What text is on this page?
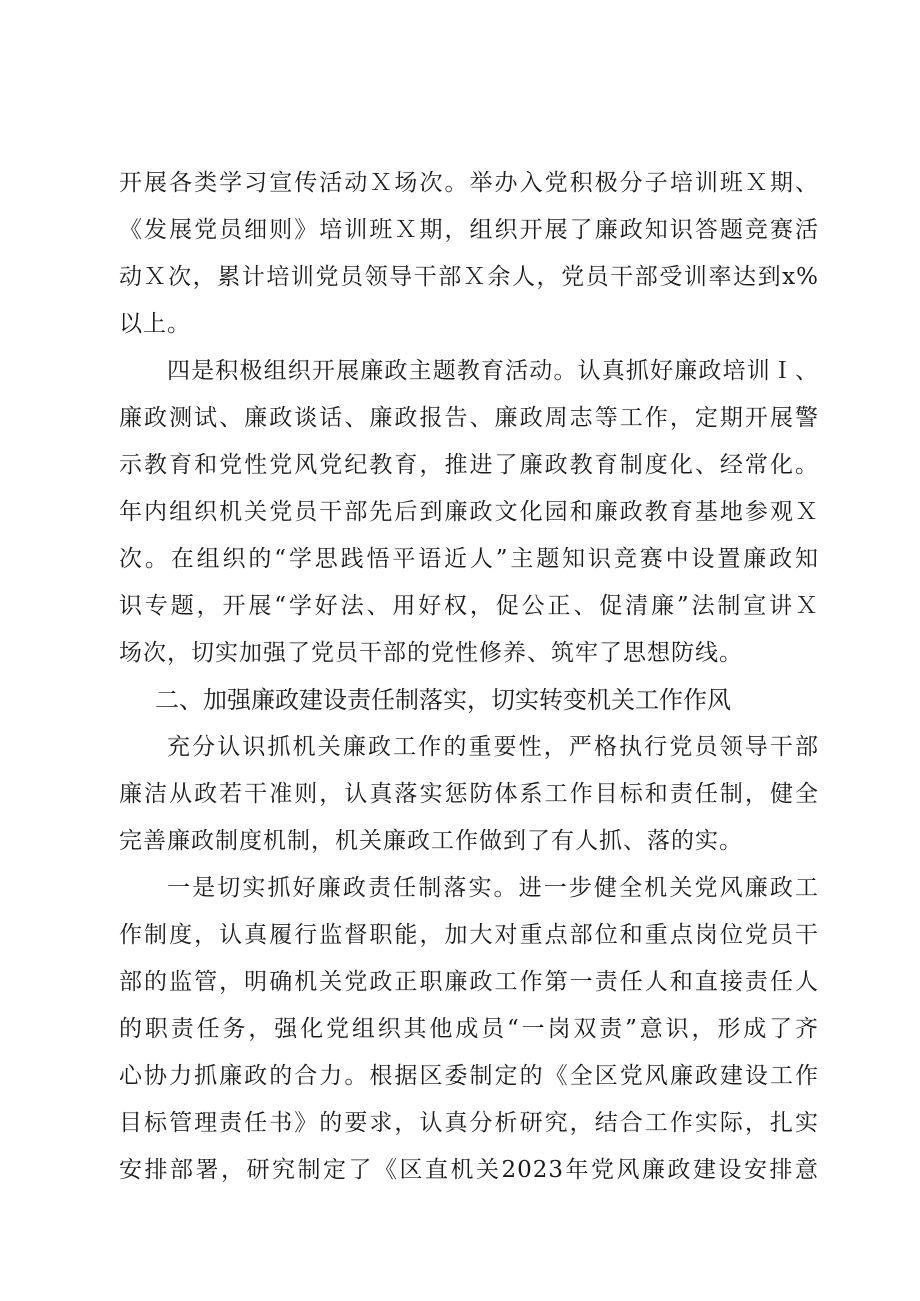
开展各类学习宣传活动Ｘ场次。举办入党积极分子培训班Ｘ期、
《发展党员细则》培训班Ｘ期，组织开展了廉政知识答题竞赛活
动Ｘ次，累计培训党员领导干部Ｘ余人，党员干部受训率达到x%
以上。
四是积极组织开展廉政主题教育活动。认真抓好廉政培训Ｉ、
廉政测试、廉政谈话、廉政报告、廉政周志等工作，定期开展警
示教育和党性党风党纪教育，推进了廉政教育制度化、经常化。
年内组织机关党员干部先后到廉政文化园和廉政教育基地参观Ｘ
次。在组织的“学思践悟平语近人”主题知识竞赛中设置廉政知
识专题，开展“学好法、用好权，促公正、促清廉”法制宣讲Ｘ
场次，切实加强了党员干部的党性修养、筑牢了思想防线。
二、加强廉政建设责任制落实，切实转变机关工作作风
充分认识抓机关廉政工作的重要性，严格执行党员领导干部
廉洁从政若干准则，认真落实惩防体系工作目标和责任制，健全
完善廉政制度机制，机关廉政工作做到了有人抓、落的实。
一是切实抓好廉政责任制落实。进一步健全机关党风廉政工
作制度，认真履行监督职能，加大对重点部位和重点岗位党员干
部的监管，明确机关党政正职廉政工作第一责任人和直接责任人
的职责任务，强化党组织其他成员“一岗双责”意识，形成了齐
心协力抓廉政的合力。根据区委制定的《全区党风廉政建设工作
目标管理责任书》的要求，认真分析研究，结合工作实际，扎实
安排部署，研究制定了《区直机关2023年党风廉政建设安排意
